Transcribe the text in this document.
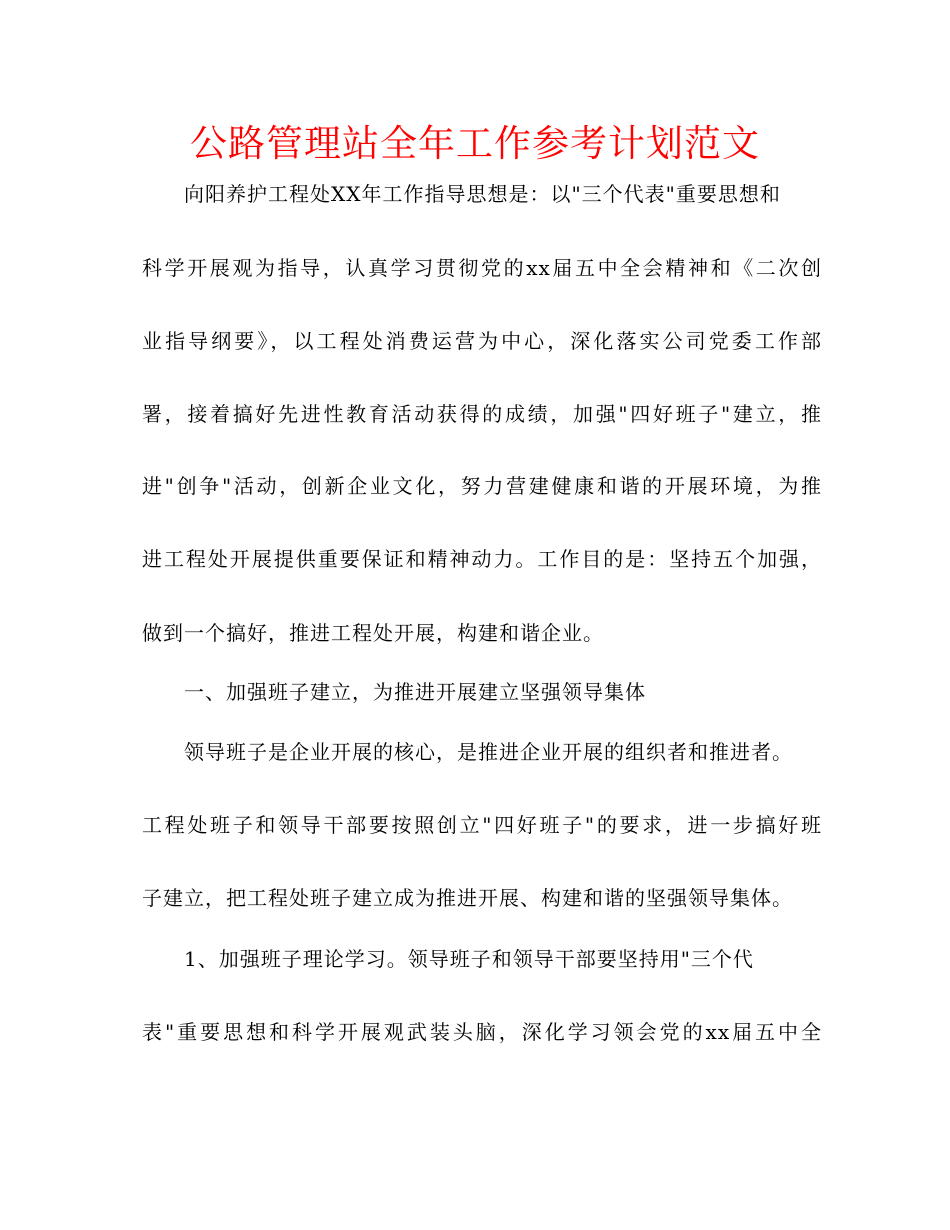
公路管理站全年工作参考计划范文
向阳养护工程处XX年工作指导思想是：以"三个代表"重要思想和
科学开展观为指导，认真学习贯彻党的xx届五中全会精神和《二次创
业指导纲要》，以工程处消费运营为中心，深化落实公司党委工作部
署，接着搞好先进性教育活动获得的成绩，加强"四好班子"建立，推
进"创争"活动，创新企业文化，努力营建健康和谐的开展环境，为推
进工程处开展提供重要保证和精神动力。工作目的是：坚持五个加强，
做到一个搞好，推进工程处开展，构建和谐企业。
一、加强班子建立，为推进开展建立坚强领导集体
领导班子是企业开展的核心，是推进企业开展的组织者和推进者。
工程处班子和领导干部要按照创立"四好班子"的要求，进一步搞好班
子建立，把工程处班子建立成为推进开展、构建和谐的坚强领导集体。
1、加强班子理论学习。领导班子和领导干部要坚持用"三个代
表"重要思想和科学开展观武装头脑，深化学习领会党的xx届五中全
